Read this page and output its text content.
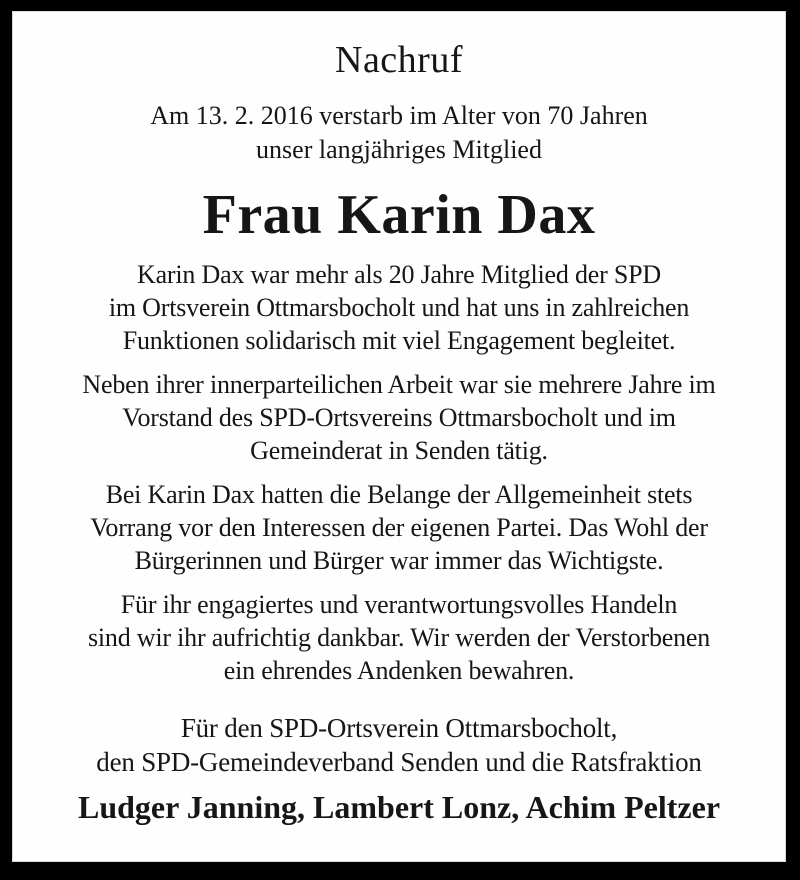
Nachruf
Am 13. 2. 2016 verstarb im Alter von 70 Jahren
unser langjähriges Mitglied
Frau Karin Dax
Karin Dax war mehr als 20 Jahre Mitglied der SPD
im Ortsverein Ottmarsbocholt und hat uns in zahlreichen
Funktionen solidarisch mit viel Engagement begleitet.
Neben ihrer innerparteilichen Arbeit war sie mehrere Jahre im
Vorstand des SPD-Ortsvereins Ottmarsbocholt und im
Gemeinderat in Senden tätig.
Bei Karin Dax hatten die Belange der Allgemeinheit stets
Vorrang vor den Interessen der eigenen Partei. Das Wohl der
Bürgerinnen und Bürger war immer das Wichtigste.
Für ihr engagiertes und verantwortungsvolles Handeln
sind wir ihr aufrichtig dankbar. Wir werden der Verstorbenen
ein ehrendes Andenken bewahren.
Für den SPD-Ortsverein Ottmarsbocholt,
den SPD-Gemeindeverband Senden und die Ratsfraktion
Ludger Janning, Lambert Lonz, Achim Peltzer
